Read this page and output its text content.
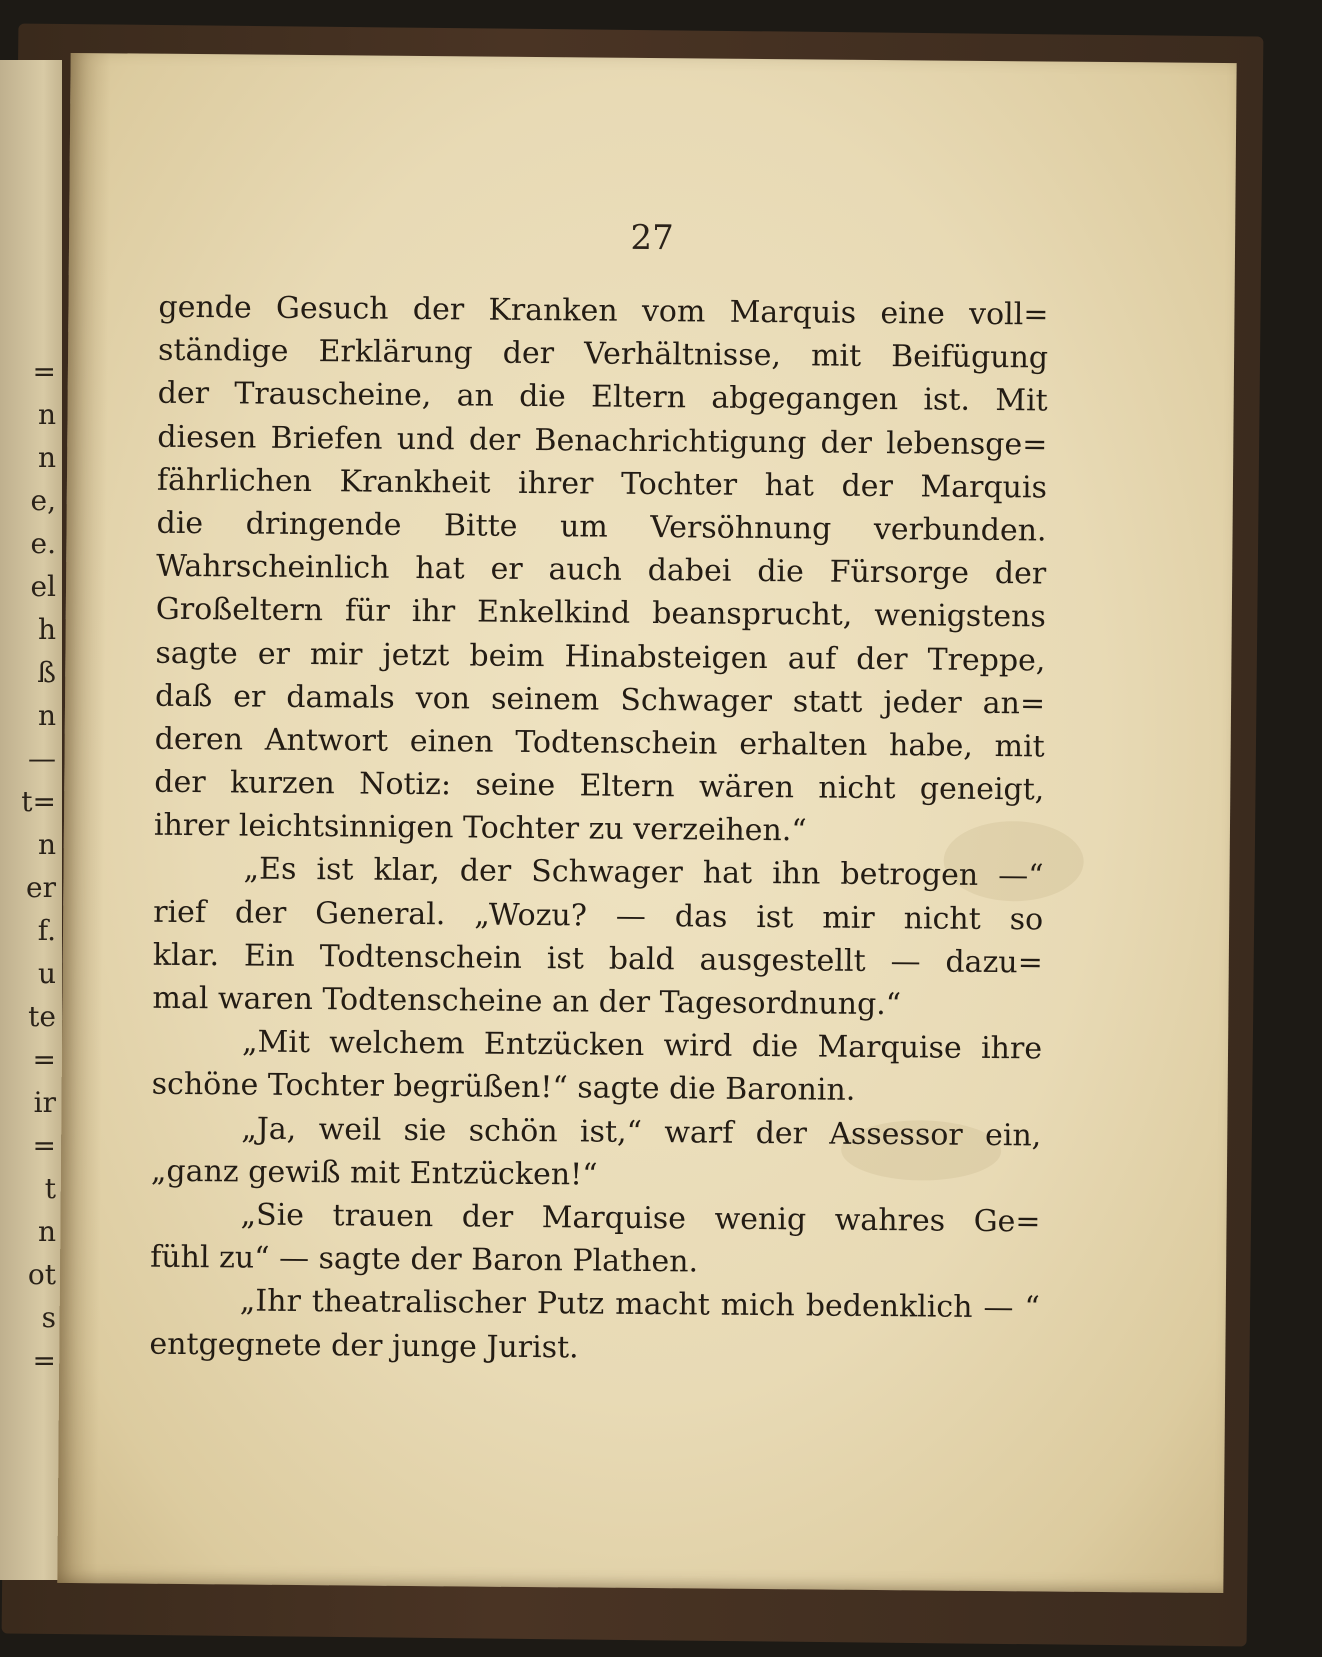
=
n
n
e,
e.
el
h
ß
n
—
t=
n
er
f.
u
te
=
ir
=
t
n
ot
s
=
27
gende Gesuch der Kranken vom Marquis eine voll=
ständige Erklärung der Verhältnisse, mit Beifügung
der Trauscheine, an die Eltern abgegangen ist. Mit
diesen Briefen und der Benachrichtigung der lebensge=
fährlichen Krankheit ihrer Tochter hat der Marquis
die dringende Bitte um Versöhnung verbunden.
Wahrscheinlich hat er auch dabei die Fürsorge der
Großeltern für ihr Enkelkind beansprucht, wenigstens
sagte er mir jetzt beim Hinabsteigen auf der Treppe,
daß er damals von seinem Schwager statt jeder an=
deren Antwort einen Todtenschein erhalten habe, mit
der kurzen Notiz: seine Eltern wären nicht geneigt,
ihrer leichtsinnigen Tochter zu verzeihen.“
„Es ist klar, der Schwager hat ihn betrogen —“
rief der General. „Wozu? — das ist mir nicht so
klar. Ein Todtenschein ist bald ausgestellt — dazu=
mal waren Todtenscheine an der Tagesordnung.“
„Mit welchem Entzücken wird die Marquise ihre
schöne Tochter begrüßen!“ sagte die Baronin.
„Ja, weil sie schön ist,“ warf der Assessor ein,
„ganz gewiß mit Entzücken!“
„Sie trauen der Marquise wenig wahres Ge=
fühl zu“ — sagte der Baron Plathen.
„Ihr theatralischer Putz macht mich bedenklich — “
entgegnete der junge Jurist.
